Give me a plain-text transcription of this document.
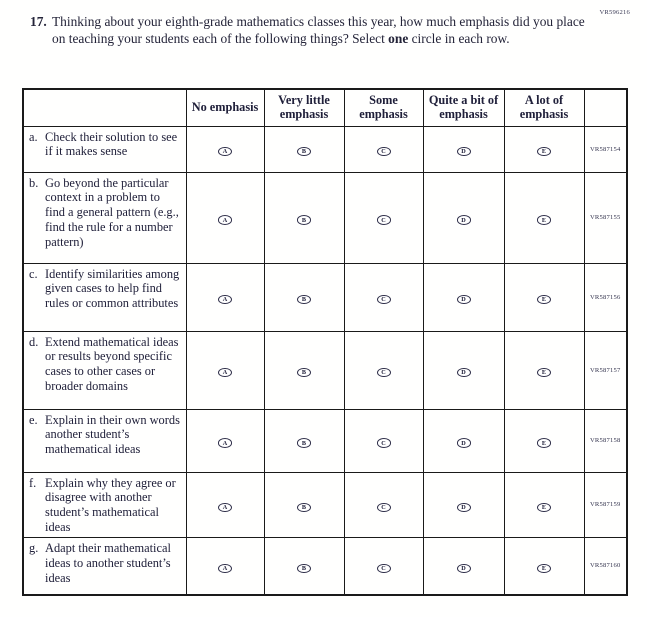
VR596216
17. Thinking about your eighth-grade mathematics classes this year, how much emphasis did you place on teaching your students each of the following things? Select one circle in each row.
	No emphasis	Very little emphasis	Some emphasis	Quite a bit of emphasis	A lot of emphasis	

a. Check their solution to see if it makes sense	A	B	C	D	E	VR587154

b. Go beyond the particular context in a problem to find a general pattern (e.g., find the rule for a number pattern)	A	B	C	D	E	VR587155

c. Identify similarities among given cases to help find rules or common attributes	A	B	C	D	E	VR587156

d. Extend mathematical ideas or results beyond specific cases to other cases or broader domains	A	B	C	D	E	VR587157

e. Explain in their own words another student’s mathematical ideas	A	B	C	D	E	VR587158

f. Explain why they agree or disagree with another student’s mathematical ideas	A	B	C	D	E	VR587159

g. Adapt their mathematical ideas to another student’s ideas	A	B	C	D	E	VR587160
